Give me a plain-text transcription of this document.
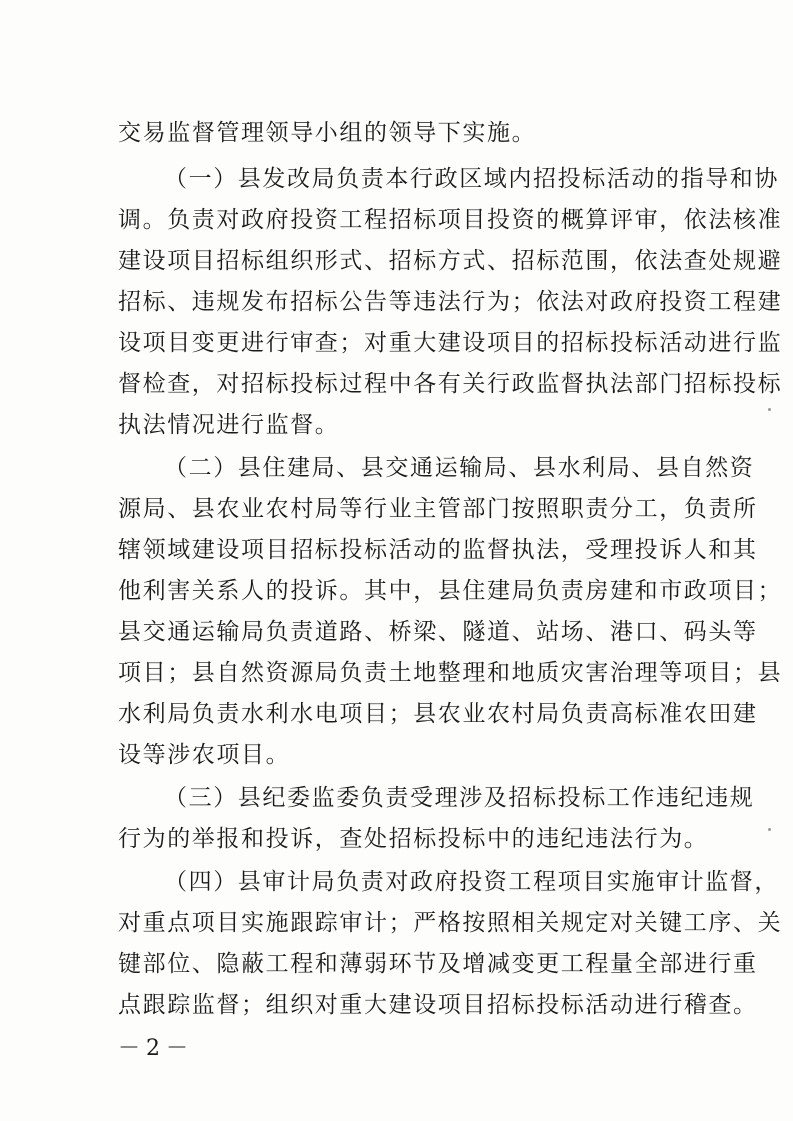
交易监督管理领导小组的领导下实施。
（一）县发改局负责本行政区域内招投标活动的指导和协
调。负责对政府投资工程招标项目投资的概算评审，依法核准
建设项目招标组织形式、招标方式、招标范围，依法查处规避
招标、违规发布招标公告等违法行为；依法对政府投资工程建
设项目变更进行审查；对重大建设项目的招标投标活动进行监
督检查，对招标投标过程中各有关行政监督执法部门招标投标
执法情况进行监督。
（二）县住建局、县交通运输局、县水利局、县自然资
源局、县农业农村局等行业主管部门按照职责分工，负责所
辖领域建设项目招标投标活动的监督执法，受理投诉人和其
他利害关系人的投诉。其中，县住建局负责房建和市政项目；
县交通运输局负责道路、桥梁、隧道、站场、港口、码头等
项目；县自然资源局负责土地整理和地质灾害治理等项目；县
水利局负责水利水电项目；县农业农村局负责高标准农田建
设等涉农项目。
（三）县纪委监委负责受理涉及招标投标工作违纪违规
行为的举报和投诉，查处招标投标中的违纪违法行为。
（四）县审计局负责对政府投资工程项目实施审计监督，
对重点项目实施跟踪审计；严格按照相关规定对关键工序、关
键部位、隐蔽工程和薄弱环节及增减变更工程量全部进行重
点跟踪监督；组织对重大建设项目招标投标活动进行稽查。
－2－
